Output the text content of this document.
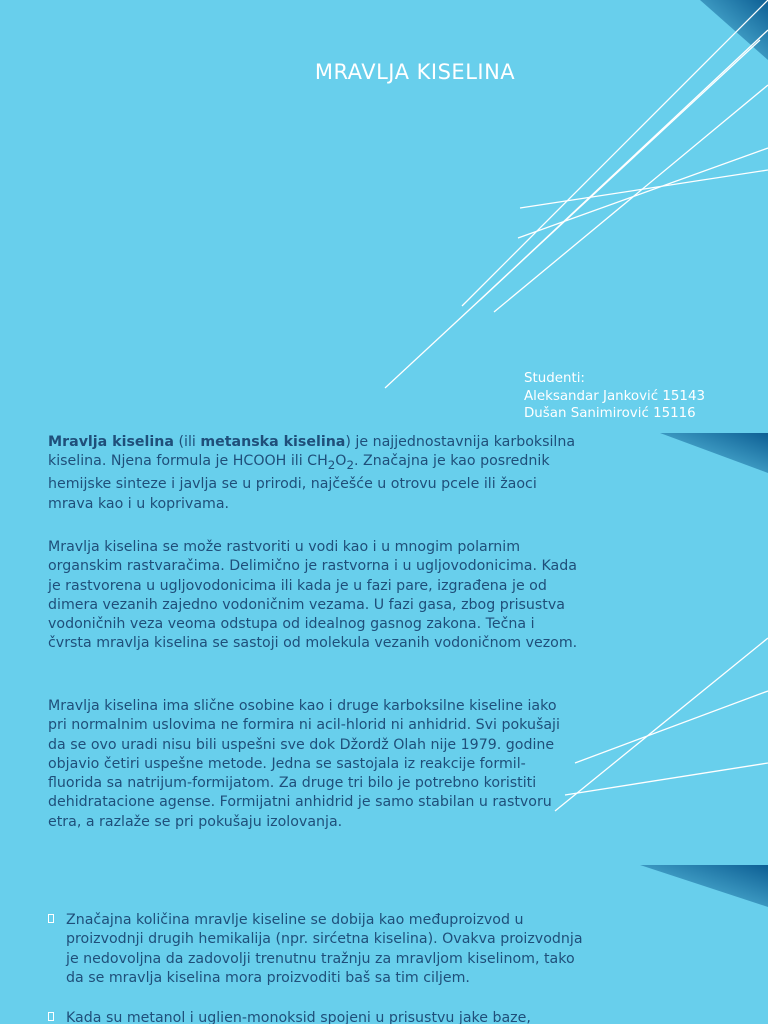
MRAVLJA KISELINA
Studenti:
Aleksandar Janković 15143
Dušan Sanimirović 15116
Mravlja kiselina (ili metanska kiselina) je najjednostavnija karboksilna kiselina. Njena formula je HCOOH ili $CH_2O_2$. Značajna je kao posrednik hemijske sinteze i javlja se u prirodi, najčešće u otrovu pcele ili žaoci mrava kao i u koprivama.
Mravlja kiselina se može rastvoriti u vodi kao i u mnogim polarnim organskim rastvaračima. Delimično je rastvorna i u ugljovodonicima. Kada je rastvorena u ugljovodonicima ili kada je u fazi pare, izgrađena je od dimera vezanih zajedno vodoničnim vezama. U fazi gasa, zbog prisustva vodoničnih veza veoma odstupa od idealnog gasnog zakona. Tečna i čvrsta mravlja kiselina se sastoji od molekula vezanih vodoničnom vezom.
Mravlja kiselina ima slične osobine kao i druge karboksilne kiseline iako pri normalnim uslovima ne formira ni acil-hlorid ni anhidrid. Svi pokušaji da se ovo uradi nisu bili uspešni sve dok Džordž Olah nije 1979. godine objavio četiri uspešne metode. Jedna se sastojala iz reakcije formil-fluorida sa natrijum-formijatom. Za druge tri bilo je potrebno koristiti dehidratacione agense. Formijatni anhidrid je samo stabilan u rastvoru etra, a razlaže se pri pokušaju izolovanja.
Značajna količina mravlje kiseline se dobija kao međuproizvod u proizvodnji drugih hemikalija (npr. sirćetna kiselina). Ovakva proizvodnja je nedovoljna da zadovolji trenutnu tražnju za mravljom kiselinom, tako da se mravlja kiselina mora proizvoditi baš sa tim ciljem.
Kada su metanol i uglien-monoksid spojeni u prisustvu jake baze,
